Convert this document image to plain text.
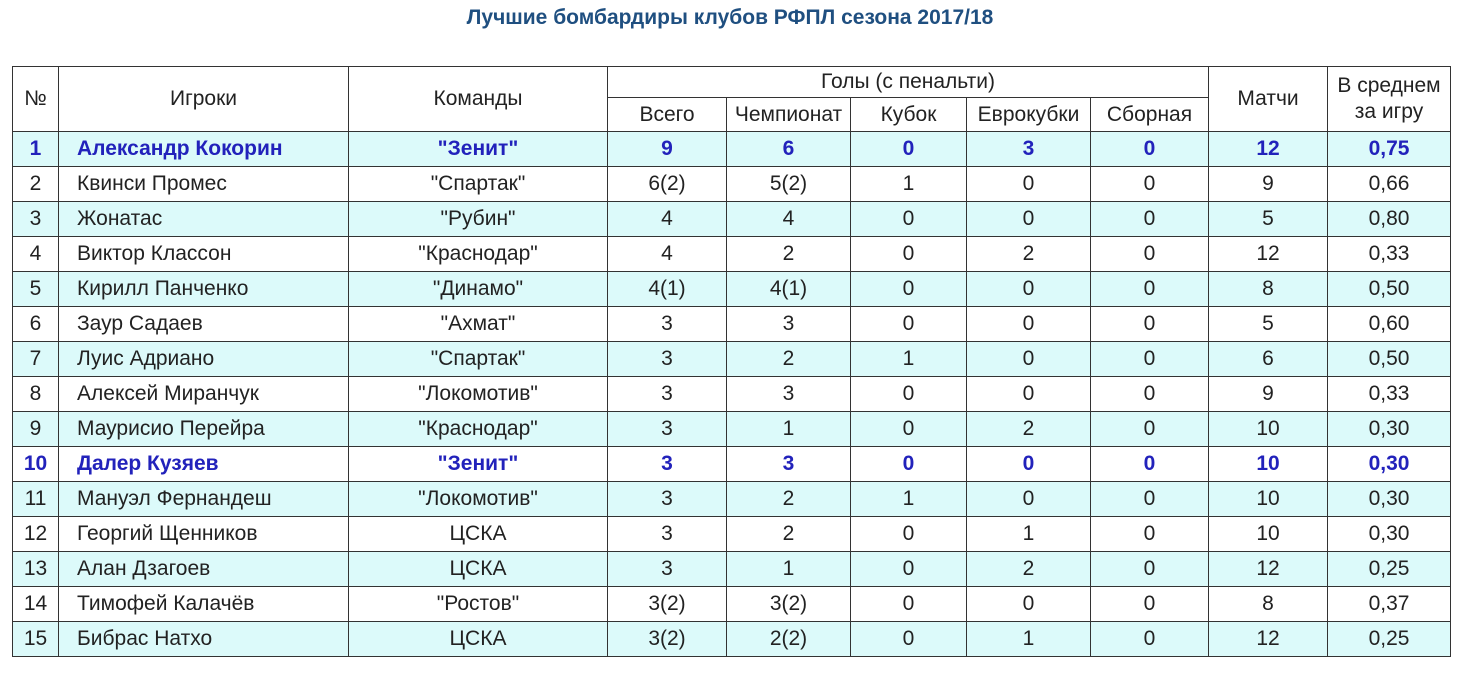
Лучшие бомбардиры клубов РФПЛ сезона 2017/18
№	Игроки	Команды	Голы (с пенальти)					Матчи	В среднем
за игру
			Всего	Чемпионат	Кубок	Еврокубки	Сборная		
1	Александр Кокорин	"Зенит"	9	6	0	3	0	12	0,75
2	Квинси Промес	"Спартак"	6(2)	5(2)	1	0	0	9	0,66
3	Жонатас	"Рубин"	4	4	0	0	0	5	0,80
4	Виктор Классон	"Краснодар"	4	2	0	2	0	12	0,33
5	Кирилл Панченко	"Динамо"	4(1)	4(1)	0	0	0	8	0,50
6	Заур Садаев	"Ахмат"	3	3	0	0	0	5	0,60
7	Луис Адриано	"Спартак"	3	2	1	0	0	6	0,50
8	Алексей Миранчук	"Локомотив"	3	3	0	0	0	9	0,33
9	Маурисио Перейра	"Краснодар"	3	1	0	2	0	10	0,30
10	Далер Кузяев	"Зенит"	3	3	0	0	0	10	0,30
11	Мануэл Фернандеш	"Локомотив"	3	2	1	0	0	10	0,30
12	Георгий Щенников	ЦСКА	3	2	0	1	0	10	0,30
13	Алан Дзагоев	ЦСКА	3	1	0	2	0	12	0,25
14	Тимофей Калачёв	"Ростов"	3(2)	3(2)	0	0	0	8	0,37
15	Бибрас Натхо	ЦСКА	3(2)	2(2)	0	1	0	12	0,25
